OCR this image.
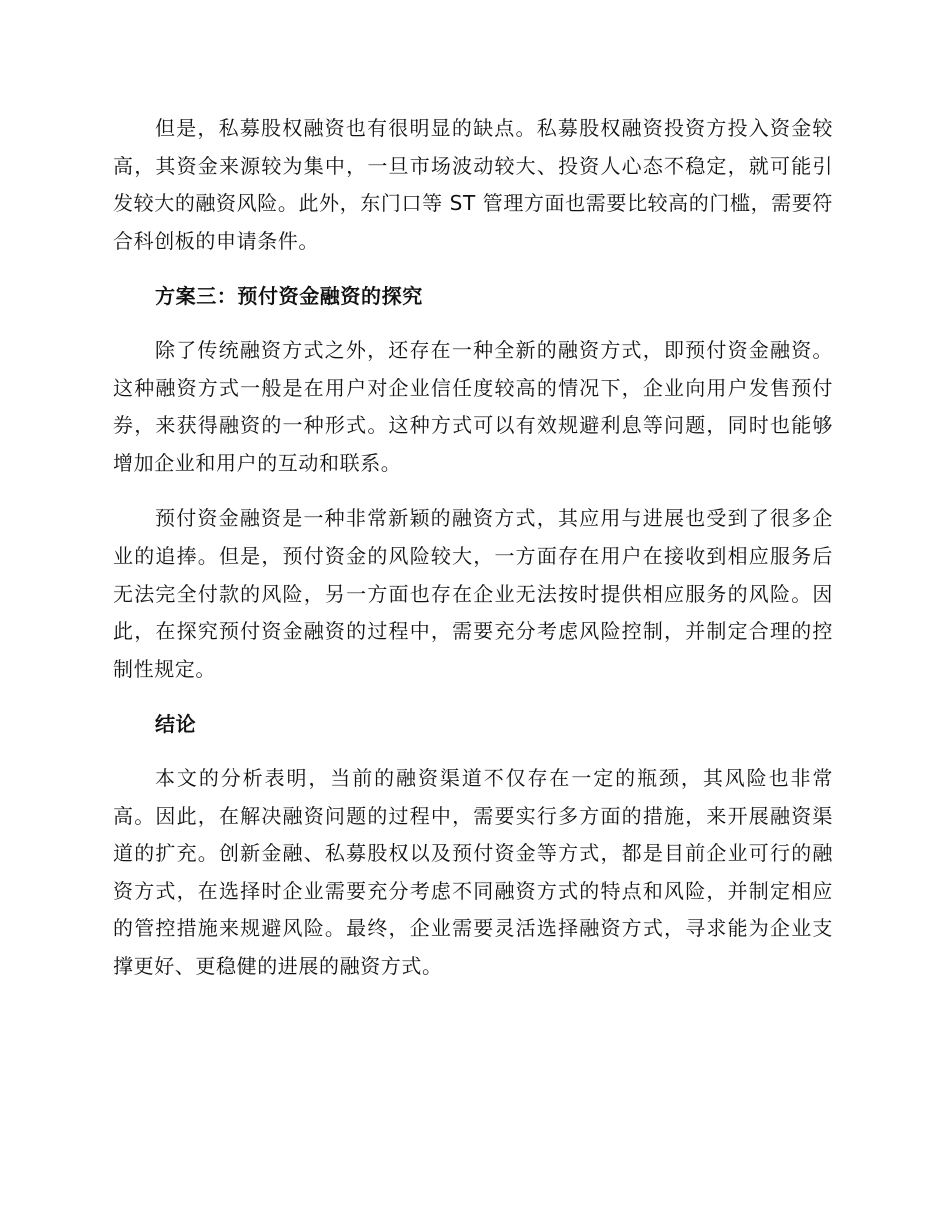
但是，私募股权融资也有很明显的缺点。私募股权融资投资方投入资金较高，其资金来源较为集中，一旦市场波动较大、投资人心态不稳定，就可能引发较大的融资风险。此外，东门口等 ST 管理方面也需要比较高的门槛，需要符合科创板的申请条件。

方案三：预付资金融资的探究

除了传统融资方式之外，还存在一种全新的融资方式，即预付资金融资。这种融资方式一般是在用户对企业信任度较高的情况下，企业向用户发售预付券，来获得融资的一种形式。这种方式可以有效规避利息等问题，同时也能够增加企业和用户的互动和联系。

预付资金融资是一种非常新颖的融资方式，其应用与进展也受到了很多企业的追捧。但是，预付资金的风险较大，一方面存在用户在接收到相应服务后无法完全付款的风险，另一方面也存在企业无法按时提供相应服务的风险。因此，在探究预付资金融资的过程中，需要充分考虑风险控制，并制定合理的控制性规定。

结论

本文的分析表明，当前的融资渠道不仅存在一定的瓶颈，其风险也非常高。因此，在解决融资问题的过程中，需要实行多方面的措施，来开展融资渠道的扩充。创新金融、私募股权以及预付资金等方式，都是目前企业可行的融资方式，在选择时企业需要充分考虑不同融资方式的特点和风险，并制定相应的管控措施来规避风险。最终，企业需要灵活选择融资方式，寻求能为企业支撑更好、更稳健的进展的融资方式。
